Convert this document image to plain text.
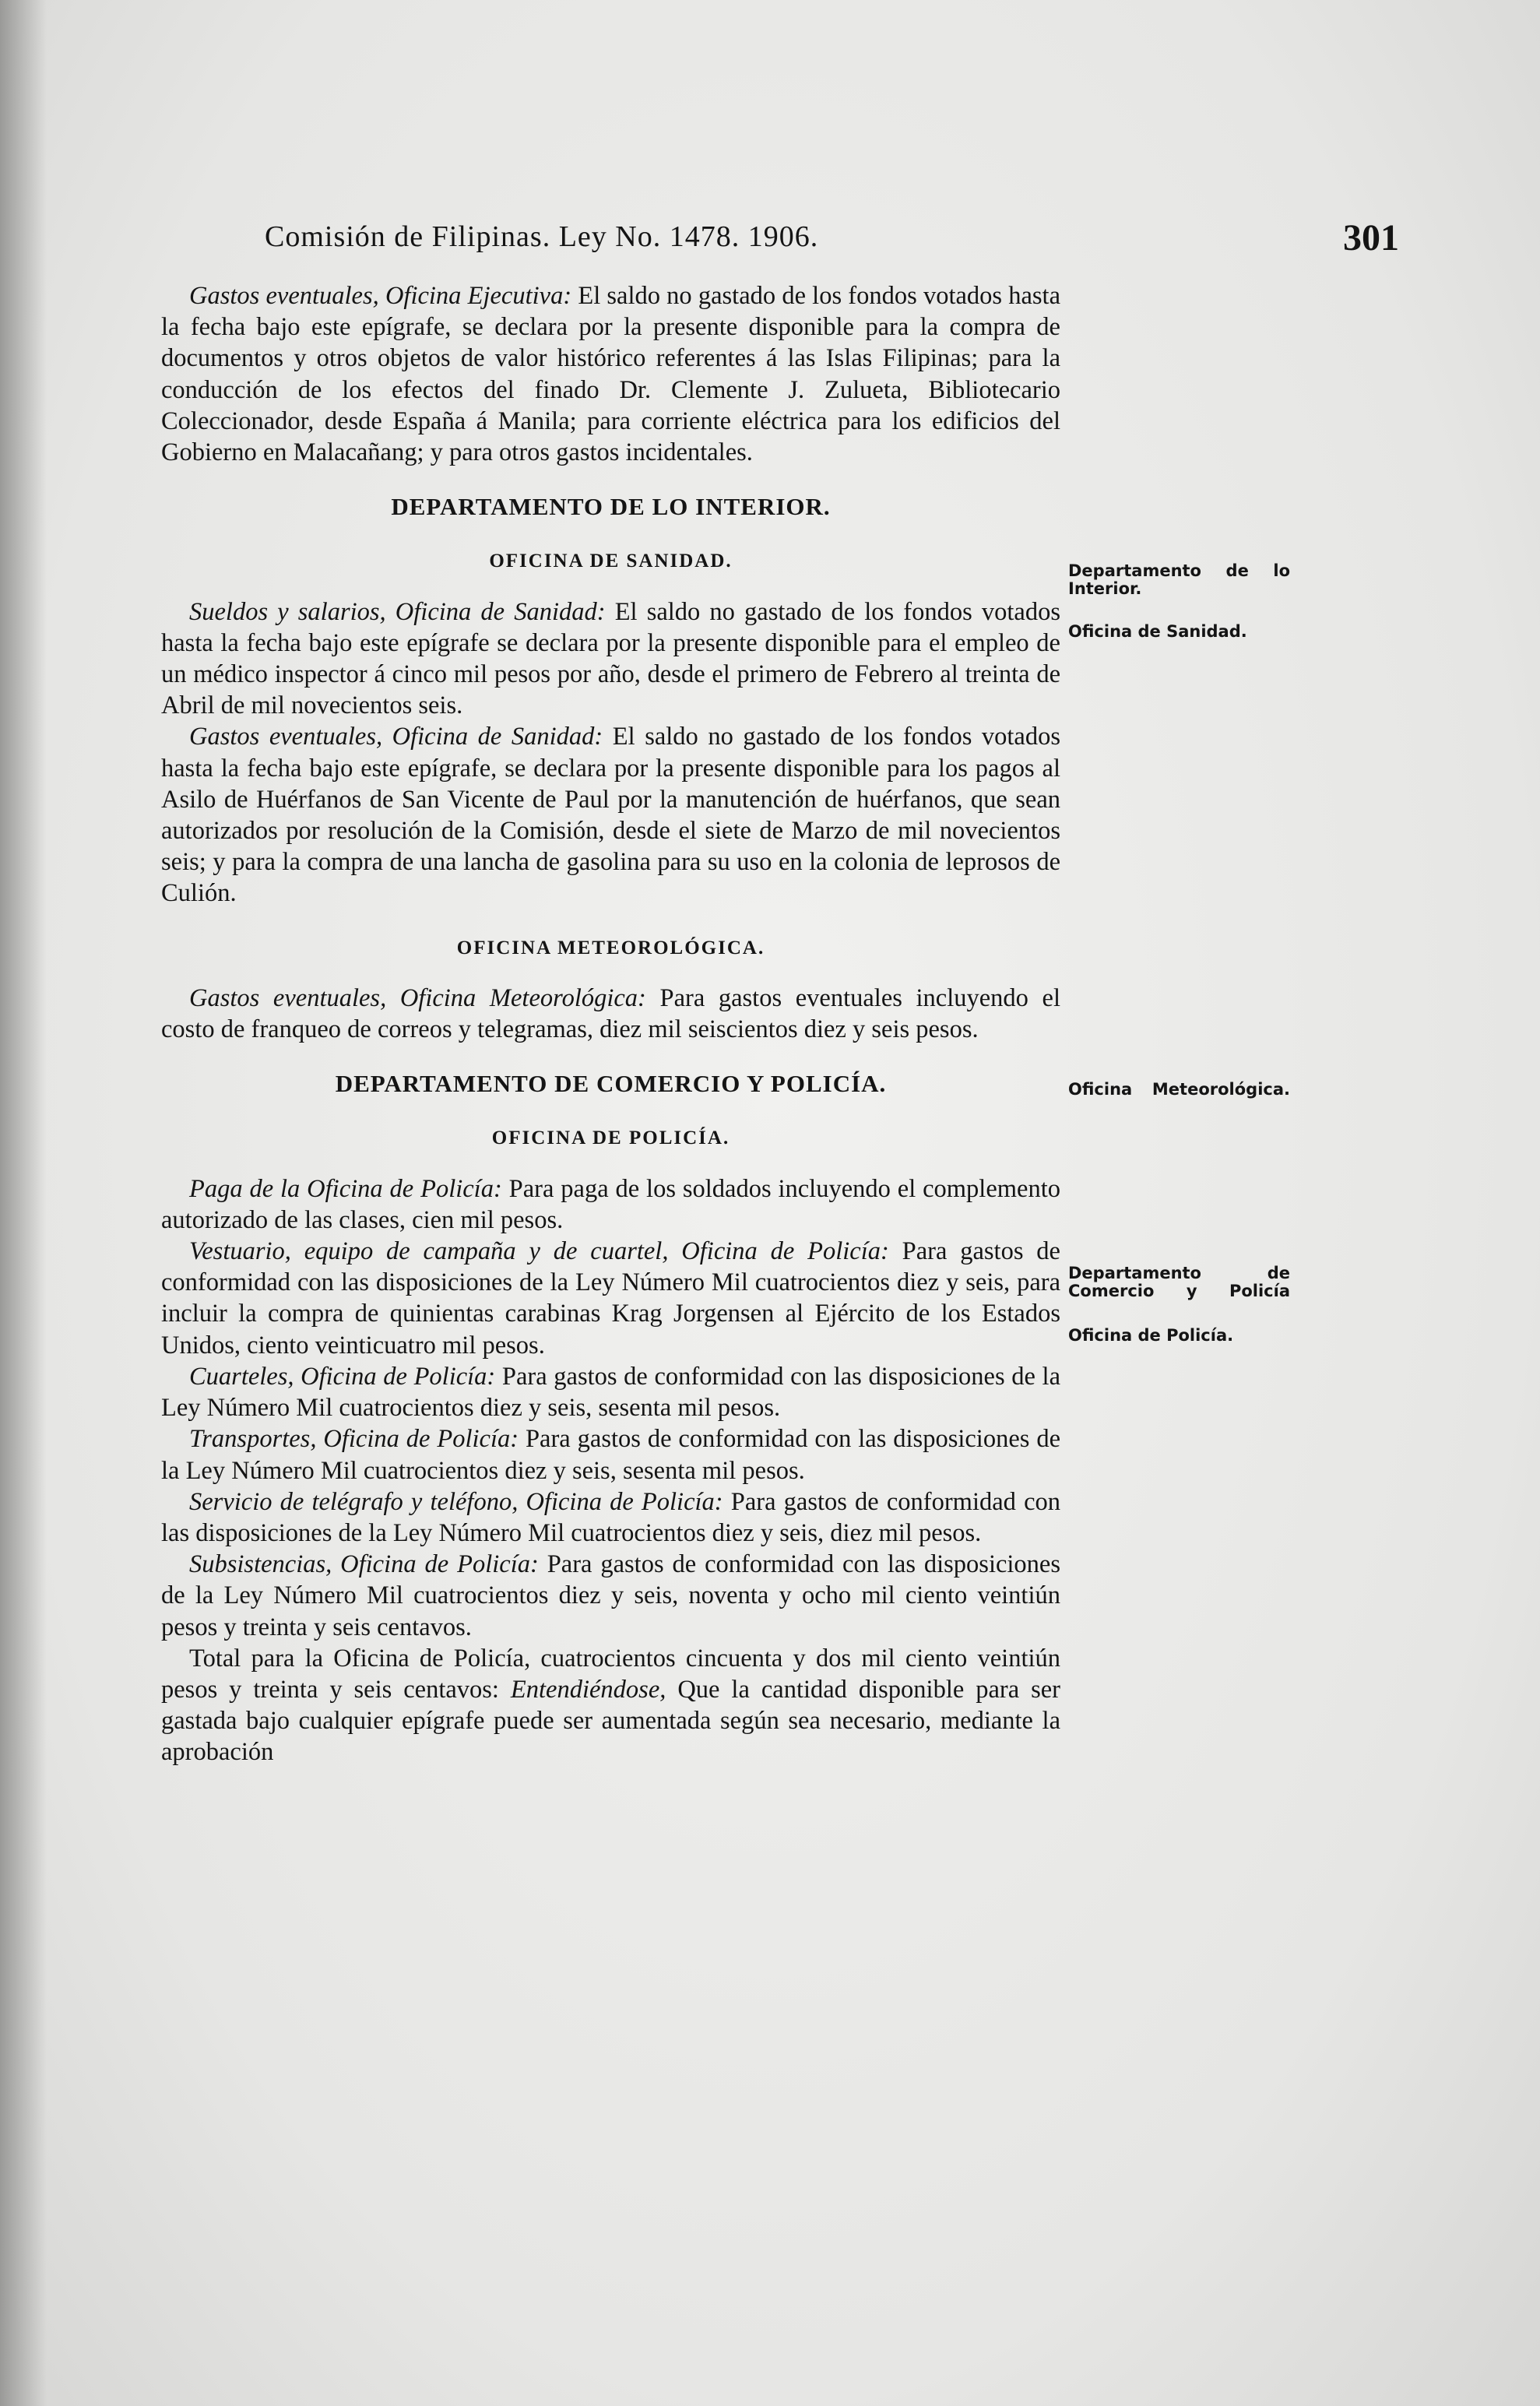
Comisión de Filipinas. Ley No. 1478. 1906.	301
Departamento de lo Interior.
Oficina de Sanidad.
Oficina Meteorológica.
Departamento de Comercio y Policía
Oficina de Policía.

Gastos eventuales, Oficina Ejecutiva: El saldo no gastado de los fondos votados hasta la fecha bajo este epígrafe, se declara por la presente disponible para la compra de documentos y otros objetos de valor histórico referentes á las Islas Filipinas; para la conducción de los efectos del finado Dr. Clemente J. Zulueta, Bibliotecario Coleccionador, desde España á Manila; para corriente eléctrica para los edificios del Gobierno en Malacañang; y para otros gastos incidentales.

DEPARTAMENTO DE LO INTERIOR.
OFICINA DE SANIDAD.

Sueldos y salarios, Oficina de Sanidad: El saldo no gastado de los fondos votados hasta la fecha bajo este epígrafe se declara por la presente disponible para el empleo de un médico inspector á cinco mil pesos por año, desde el primero de Febrero al treinta de Abril de mil novecientos seis.

Gastos eventuales, Oficina de Sanidad: El saldo no gastado de los fondos votados hasta la fecha bajo este epígrafe, se declara por la presente disponible para los pagos al Asilo de Huérfanos de San Vicente de Paul por la manutención de huérfanos, que sean autorizados por resolución de la Comisión, desde el siete de Marzo de mil novecientos seis; y para la compra de una lancha de gasolina para su uso en la colonia de leprosos de Culión.

OFICINA METEOROLÓGICA.

Gastos eventuales, Oficina Meteorológica: Para gastos eventuales incluyendo el costo de franqueo de correos y telegramas, diez mil seiscientos diez y seis pesos.

DEPARTAMENTO DE COMERCIO Y POLICÍA.
OFICINA DE POLICÍA.

Paga de la Oficina de Policía: Para paga de los soldados incluyendo el complemento autorizado de las clases, cien mil pesos.

Vestuario, equipo de campaña y de cuartel, Oficina de Policía: Para gastos de conformidad con las disposiciones de la Ley Número Mil cuatrocientos diez y seis, para incluir la compra de quinientas carabinas Krag Jorgensen al Ejército de los Estados Unidos, ciento veinticuatro mil pesos.

Cuarteles, Oficina de Policía: Para gastos de conformidad con las disposiciones de la Ley Número Mil cuatrocientos diez y seis, sesenta mil pesos.

Transportes, Oficina de Policía: Para gastos de conformidad con las disposiciones de la Ley Número Mil cuatrocientos diez y seis, sesenta mil pesos.

Servicio de telégrafo y teléfono, Oficina de Policía: Para gastos de conformidad con las disposiciones de la Ley Número Mil cuatrocientos diez y seis, diez mil pesos.

Subsistencias, Oficina de Policía: Para gastos de conformidad con las disposiciones de la Ley Número Mil cuatrocientos diez y seis, noventa y ocho mil ciento veintiún pesos y treinta y seis centavos.

Total para la Oficina de Policía, cuatrocientos cincuenta y dos mil ciento veintiún pesos y treinta y seis centavos: Entendiéndose, Que la cantidad disponible para ser gastada bajo cualquier epígrafe puede ser aumentada según sea necesario, mediante la aprobación
